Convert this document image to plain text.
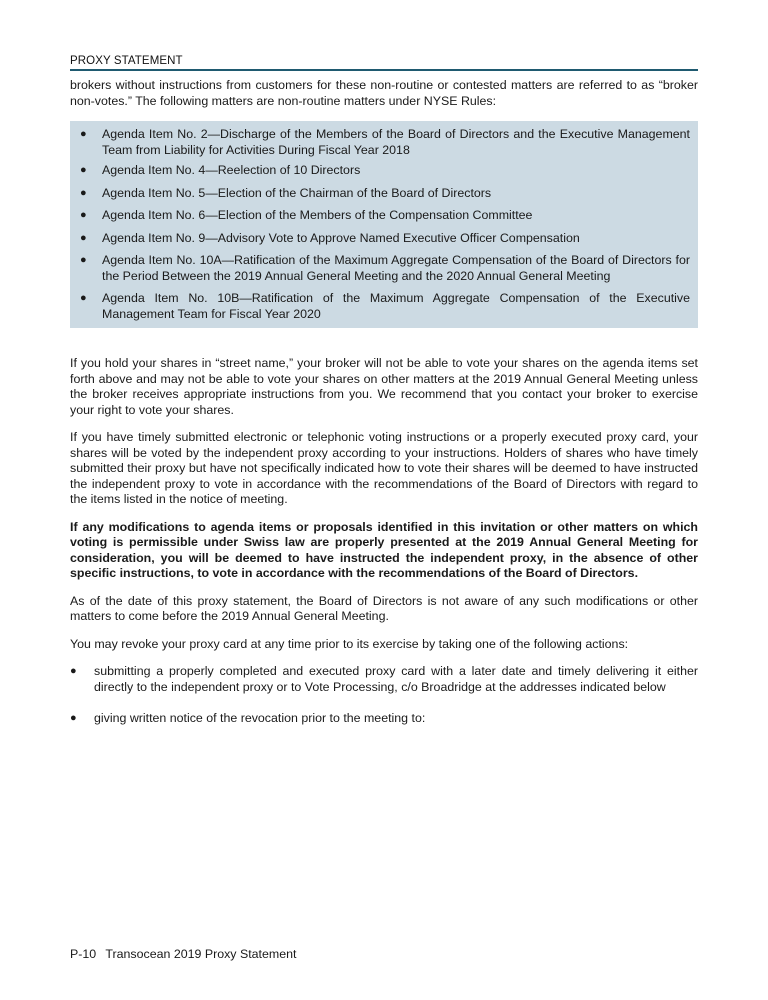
PROXY STATEMENT

brokers without instructions from customers for these non-routine or contested matters are referred to as “broker non-votes.” The following matters are non-routine matters under NYSE Rules:

●	Agenda Item No. 2—Discharge of the Members of the Board of Directors and the Executive Management Team from Liability for Activities During Fiscal Year 2018
●	Agenda Item No. 4—Reelection of 10 Directors
●	Agenda Item No. 5—Election of the Chairman of the Board of Directors
●	Agenda Item No. 6—Election of the Members of the Compensation Committee
●	Agenda Item No. 9—Advisory Vote to Approve Named Executive Officer Compensation
●	Agenda Item No. 10A—Ratification of the Maximum Aggregate Compensation of the Board of Directors for the Period Between the 2019 Annual General Meeting and the 2020 Annual General Meeting
●	Agenda Item No. 10B—Ratification of the Maximum Aggregate Compensation of the Executive Management Team for Fiscal Year 2020

If you hold your shares in “street name,” your broker will not be able to vote your shares on the agenda items set forth above and may not be able to vote your shares on other matters at the 2019 Annual General Meeting unless the broker receives appropriate instructions from you. We recommend that you contact your broker to exercise your right to vote your shares.

If you have timely submitted electronic or telephonic voting instructions or a properly executed proxy card, your shares will be voted by the independent proxy according to your instructions. Holders of shares who have timely submitted their proxy but have not specifically indicated how to vote their shares will be deemed to have instructed the independent proxy to vote in accordance with the recommendations of the Board of Directors with regard to the items listed in the notice of meeting.

If any modifications to agenda items or proposals identified in this invitation or other matters on which voting is permissible under Swiss law are properly presented at the 2019 Annual General Meeting for consideration, you will be deemed to have instructed the independent proxy, in the absence of other specific instructions, to vote in accordance with the recommendations of the Board of Directors.

As of the date of this proxy statement, the Board of Directors is not aware of any such modifications or other matters to come before the 2019 Annual General Meeting.

You may revoke your proxy card at any time prior to its exercise by taking one of the following actions:

●	submitting a properly completed and executed proxy card with a later date and timely delivering it either directly to the independent proxy or to Vote Processing, c/o Broadridge at the addresses indicated below
●	giving written notice of the revocation prior to the meeting to:
P-10 Transocean 2019 Proxy Statement
